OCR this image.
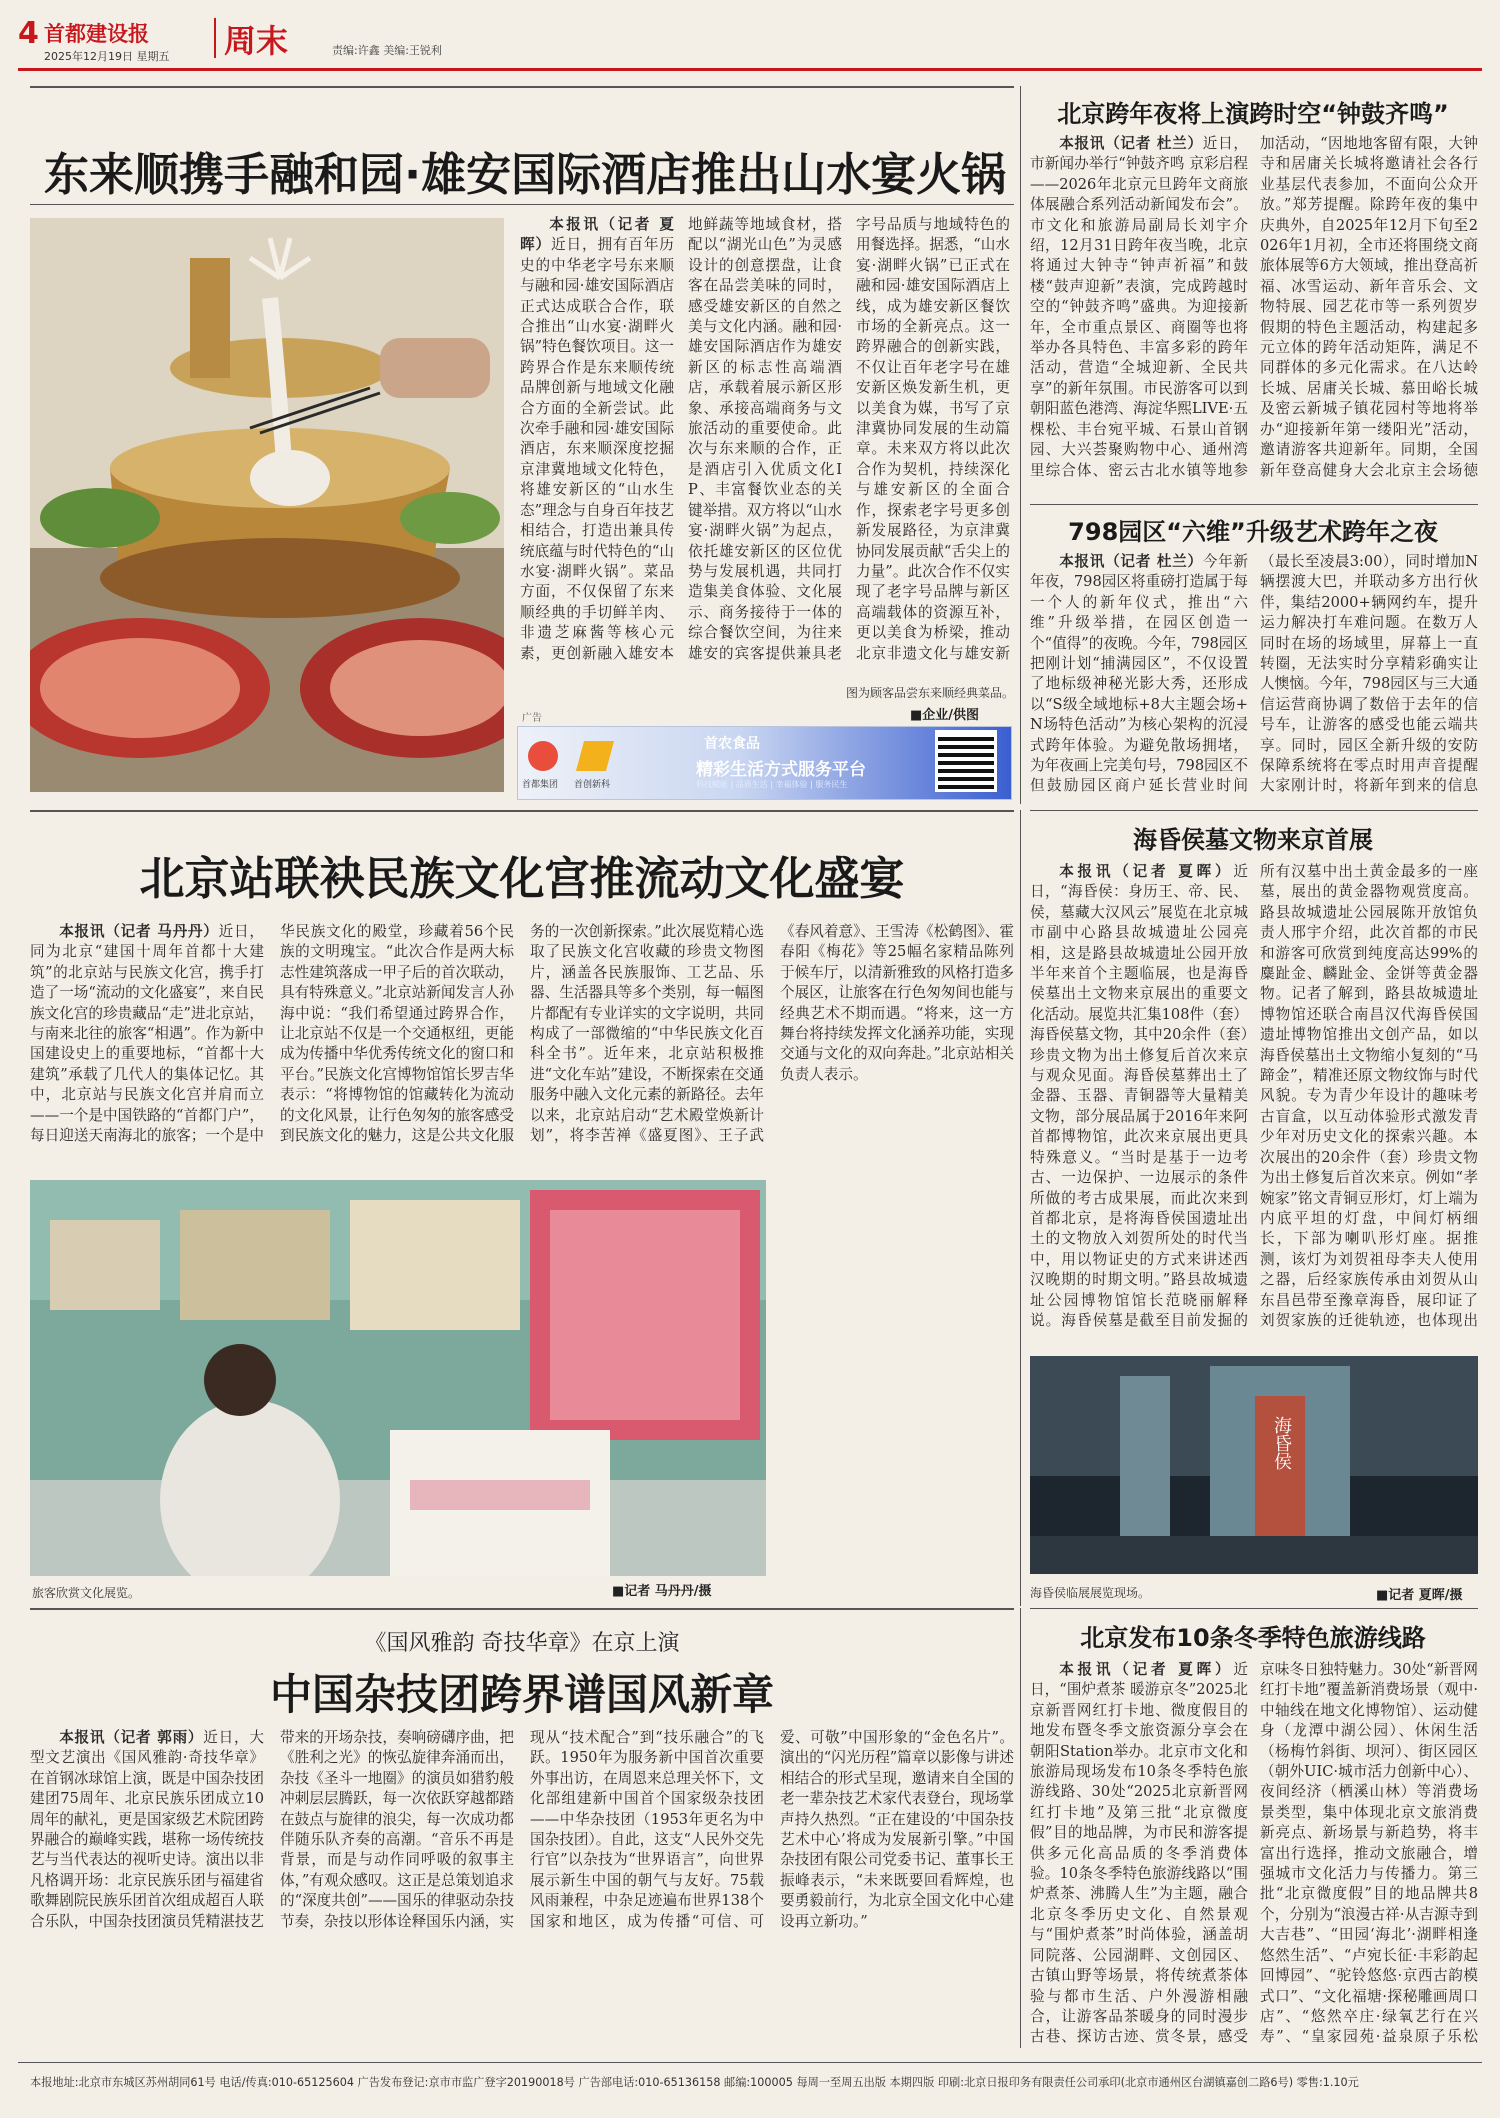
4 首都建设报
2025年12月19日 星期五 周末	责编:许鑫 美编:王锐利
东来顺携手融和园·雄安国际酒店推出山水宴火锅
本报讯（记者 夏晖）近日，拥有百年历史的中华老字号东来顺与融和园·雄安国际酒店正式达成联合合作，联合推出“山水宴·湖畔火锅”特色餐饮项目。这一跨界合作是东来顺传统品牌创新与地域文化融合方面的全新尝试。此次牵手融和园·雄安国际酒店，东来顺深度挖掘京津冀地域文化特色，将雄安新区的“山水生态”理念与自身百年技艺相结合，打造出兼具传统底蕴与时代特色的“山水宴·湖畔火锅”。菜品方面，不仅保留了东来顺经典的手切鲜羊肉、非遗芝麻酱等核心元素，更创新融入雄安本地鲜蔬等地域食材，搭配以“湖光山色”为灵感设计的创意摆盘，让食客在品尝美味的同时，感受雄安新区的自然之美与文化内涵。融和园·雄安国际酒店作为雄安新区的标志性高端酒店，承载着展示新区形象、承接高端商务与文旅活动的重要使命。此次与东来顺的合作，正是酒店引入优质文化IP、丰富餐饮业态的关键举措。双方将以“山水宴·湖畔火锅”为起点，依托雄安新区的区位优势与发展机遇，共同打造集美食体验、文化展示、商务接待于一体的综合餐饮空间，为往来雄安的宾客提供兼具老字号品质与地域特色的用餐选择。据悉，“山水宴·湖畔火锅”已正式在融和园·雄安国际酒店上线，成为雄安新区餐饮市场的全新亮点。这一跨界融合的创新实践，不仅让百年老字号在雄安新区焕发新生机，更以美食为媒，书写了京津冀协同发展的生动篇章。未来双方将以此次合作为契机，持续深化与雄安新区的全面合作，探索老字号更多创新发展路径，为京津冀协同发展贡献“舌尖上的力量”。此次合作不仅实现了老字号品牌与新区高端载体的资源互补，更以美食为桥梁，推动北京非遗文化与雄安新
图为顾客品尝东来顺经典菜品。
■企业/供图
广告
首都集团 首创新科
首农食品
精彩生活方式服务平台
科技赋能 | 品质生活 | 幸福体验 | 服务民生
北京跨年夜将上演跨时空“钟鼓齐鸣”
本报讯（记者 杜兰）近日，市新闻办举行“钟鼓齐鸣 京彩启程——2026年北京元旦跨年文商旅体展融合系列活动新闻发布会”。市文化和旅游局副局长刘宇介绍，12月31日跨年夜当晚，北京将通过大钟寺“钟声祈福”和鼓楼“鼓声迎新”表演，完成跨越时空的“钟鼓齐鸣”盛典。为迎接新年，全市重点景区、商圈等也将举办各具特色、丰富多彩的跨年活动，营造“全城迎新、全民共享”的新年氛围。市民游客可以到朝阳蓝色港湾、海淀华熙LIVE·五棵松、丰台宛平城、石景山首钢园、大兴荟聚购物中心、通州湾里综合体、密云古北水镇等地参加活动，“因地地客留有限，大钟寺和居庸关长城将邀请社会各行业基层代表参加，不面向公众开放。”郑芳提醒。除跨年夜的集中庆典外，自2025年12月下旬至2026年1月初，全市还将围绕文商旅体展等6方大领域，推出登高祈福、冰雪运动、新年音乐会、文物特展、园艺花市等一系列贺岁假期的特色主题活动，构建起多元立体的跨年活动矩阵，满足不同群体的多元化需求。在八达岭长城、居庸关长城、慕田峪长城及密云新城子镇花园村等地将举办“迎接新年第一缕阳光”活动，邀请游客共迎新年。同期，全国新年登高健身大会北京主会场徳
798园区“六维”升级艺术跨年之夜
本报讯（记者 杜兰）今年新年夜，798园区将重磅打造属于每一个人的新年仪式，推出“六维”升级举措，在园区创造一个“值得”的夜晚。今年，798园区把刚计划“捕满园区”，不仅设置了地标级神秘光影大秀，还形成以“S级全域地标+8大主题会场+N场特色活动”为核心架构的沉浸式跨年体验。为避免散场拥堵，为年夜画上完美句号，798园区不但鼓励园区商户延长营业时间（最长至凌晨3:00），同时增加N辆摆渡大巴，并联动多方出行伙伴，集结2000+辆网约车，提升运力解决打车难问题。在数万人同时在场的场域里，屏幕上一直转圈，无法实时分享精彩确实让人懊恼。今年，798园区与三大通信运营商协调了数倍于去年的信号车，让游客的感受也能云端共享。同时，园区全新升级的安防保障系统将在零点时用声音提醒大家刚计时，将新年到来的信息
北京站联袂民族文化宫推流动文化盛宴
本报讯（记者 马丹丹）近日，同为北京“建国十周年首都十大建筑”的北京站与民族文化宫，携手打造了一场“流动的文化盛宴”，来自民族文化宫的珍贵藏品“走”进北京站，与南来北往的旅客“相遇”。作为新中国建设史上的重要地标，“首都十大建筑”承载了几代人的集体记忆。其中，北京站与民族文化宫并肩而立——一个是中国铁路的“首都门户”，每日迎送天南海北的旅客；一个是中华民族文化的殿堂，珍藏着56个民族的文明瑰宝。“此次合作是两大标志性建筑落成一甲子后的首次联动，具有特殊意义。”北京站新闻发言人孙海中说：“我们希望通过跨界合作，让北京站不仅是一个交通枢纽，更能成为传播中华优秀传统文化的窗口和平台。”民族文化宫博物馆馆长罗吉华表示：“将博物馆的馆藏转化为流动的文化风景，让行色匆匆的旅客感受到民族文化的魅力，这是公共文化服务的一次创新探索。”此次展览精心选取了民族文化宫收藏的珍贵文物图片，涵盖各民族服饰、工艺品、乐器、生活器具等多个类别，每一幅图片都配有专业详实的文字说明，共同构成了一部微缩的“中华民族文化百科全书”。近年来，北京站积极推进“文化车站”建设，不断探索在交通服务中融入文化元素的新路径。去年以来，北京站启动“艺术殿堂焕新计划”，将李苦禅《盛夏图》、王子武《春风着意》、王雪涛《松鹤图》、霍春阳《梅花》等25幅名家精品陈列于候车厅，以清新雅致的风格打造多个展区，让旅客在行色匆匆间也能与经典艺术不期而遇。“将来，这一方舞台将持续发挥文化涵养功能，实现交通与文化的双向奔赴。”北京站相关负责人表示。
旅客欣赏文化展览。	■记者 马丹丹/摄
海昏侯墓文物来京首展
本报讯（记者 夏晖）近日，“海昏侯：身历王、帝、民、侯，墓藏大汉风云”展览在北京城市副中心路县故城遗址公园亮相，这是路县故城遗址公园开放半年来首个主题临展，也是海昏侯墓出土文物来京展出的重要文化活动。展览共汇集108件（套）海昏侯墓文物，其中20余件（套）珍贵文物为出土修复后首次来京与观众见面。海昏侯墓葬出土了金器、玉器、青铜器等大量精美文物，部分展品属于2016年来阿首都博物馆，此次来京展出更具特殊意义。“当时是基于一边考古、一边保护、一边展示的条件所做的考古成果展，而此次来到首都北京，是将海昏侯国遗址出土的文物放入刘贺所处的时代当中，用以物证史的方式来讲述西汉晚期的时期文明。”路县故城遗址公园博物馆馆长范晓丽解释说。海昏侯墓是截至目前发掘的所有汉墓中出土黄金最多的一座墓，展出的黄金器物观赏度高。路县故城遗址公园展陈开放馆负责人邢宇介绍，此次首都的市民和游客可欣赏到纯度高达99%的麋趾金、麟趾金、金饼等黄金器物。记者了解到，路县故城遗址博物馆还联合南昌汉代海昏侯国遗址博物馆推出文创产品，如以海昏侯墓出土文物缩小复刻的“马蹄金”，精准还原文物纹饰与时代风貌。专为青少年设计的趣味考古盲盒，以互动体验形式激发青少年对历史文化的探索兴趣。本次展出的20余件（套）珍贵文物为出土修复后首次来京。例如“孝婉家”铭文青铜豆形灯，灯上端为内底平坦的灯盘，中间灯柄细长，下部为喇叭形灯座。据推测，该灯为刘贺祖母李夫人使用之器，后经家族传承由刘贺从山东昌邑带至豫章海昏，展印证了刘贺家族的迁徙轨迹，也体现出
海昏侯
海昏侯临展展览现场。	■记者 夏晖/摄
《国风雅韵 奇技华章》在京上演
中国杂技团跨界谱国风新章
本报讯（记者 郭雨）近日，大型文艺演出《国风雅韵·奇技华章》在首钢冰球馆上演，既是中国杂技团建团75周年、北京民族乐团成立10周年的献礼，更是国家级艺术院团跨界融合的巅峰实践，堪称一场传统技艺与当代表达的视听史诗。演出以非凡格调开场：北京民族乐团与福建省歌舞剧院民族乐团首次组成超百人联合乐队，中国杂技团演员凭精湛技艺带来的开场杂技，奏响磅礴序曲，把《胜利之光》的恢弘旋律奔涌而出，杂技《圣斗一地圈》的演员如猎豹般冲刺层层腾跃，每一次依跃穿越都踏在鼓点与旋律的浪尖，每一次成功都伴随乐队齐奏的高潮。“音乐不再是背景，而是与动作同呼吸的叙事主体，”有观众感叹。这正是总策划追求的“深度共创”——国乐的律驱动杂技节奏，杂技以形体诠释国乐内涵，实现从“技术配合”到“技乐融合”的飞跃。1950年为服务新中国首次重要外事出访，在周恩来总理关怀下，文化部组建新中国首个国家级杂技团——中华杂技团（1953年更名为中国杂技团）。自此，这支“人民外交先行官”以杂技为“世界语言”，向世界展示新生中国的朝气与友好。75载风雨兼程，中杂足迹遍布世界138个国家和地区，成为传播“可信、可爱、可敬”中国形象的“金色名片”。演出的“闪光历程”篇章以影像与讲述相结合的形式呈现，邀请来自全国的老一辈杂技艺术家代表登台，现场掌声持久热烈。“正在建设的‘中国杂技艺术中心’将成为发展新引擎。”中国杂技团有限公司党委书记、董事长王振峰表示，“未来既要回看辉煌，也要勇毅前行，为北京全国文化中心建设再立新功。”
北京发布10条冬季特色旅游线路
本报讯（记者 夏晖）近日，“围炉煮茶 暖游京冬”2025北京新晋网红打卡地、微度假目的地发布暨冬季文旅资源分享会在朝阳Station举办。北京市文化和旅游局现场发布10条冬季特色旅游线路、30处“2025北京新晋网红打卡地”及第三批“北京微度假”目的地品牌，为市民和游客提供多元化高品质的冬季消费体验。10条冬季特色旅游线路以“围炉煮茶、沸腾人生”为主题，融合北京冬季历史文化、自然景观与“围炉煮茶”时尚体验，涵盖胡同院落、公园湖畔、文创园区、古镇山野等场景，将传统煮茶体验与都市生活、户外漫游相融合，让游客品茶暖身的同时漫步古巷、探访古迹、赏冬景，感受京味冬日独特魅力。30处“新晋网红打卡地”覆盖新消费场景（观中·中轴线在地文化博物馆）、运动健身（龙潭中湖公园）、休闲生活（杨梅竹斜街、坝河）、街区园区（朝外UIC·城市活力创新中心）、夜间经济（栖溪山林）等消费场景类型，集中体现北京文旅消费新亮点、新场景与新趋势，将丰富出行选择，推动文旅融合，增强城市文化活力与传播力。第三批“北京微度假”目的地品牌共8个，分别为“浪漫古祥·从吉源寺到大吉巷”、“田园‘海北’·湖畔相逢悠然生活”、“卢宛长征·丰彩韵起回博园”、“驼铃悠悠·京西古韵模式口”、“文化福塘·探秘雕画周口店”、“悠然卒庄·绿氧艺行在兴寿”、“皇家园苑·益泉原子乐松
本报地址:北京市东城区苏州胡同61号 电话/传真:010-65125604 广告发布登记:京市市监广登字20190018号 广告部电话:010-65136158 邮编:100005 每周一至周五出版 本期四版 印刷:北京日报印务有限责任公司承印(北京市通州区台湖镇嘉创二路6号) 零售:1.10元
